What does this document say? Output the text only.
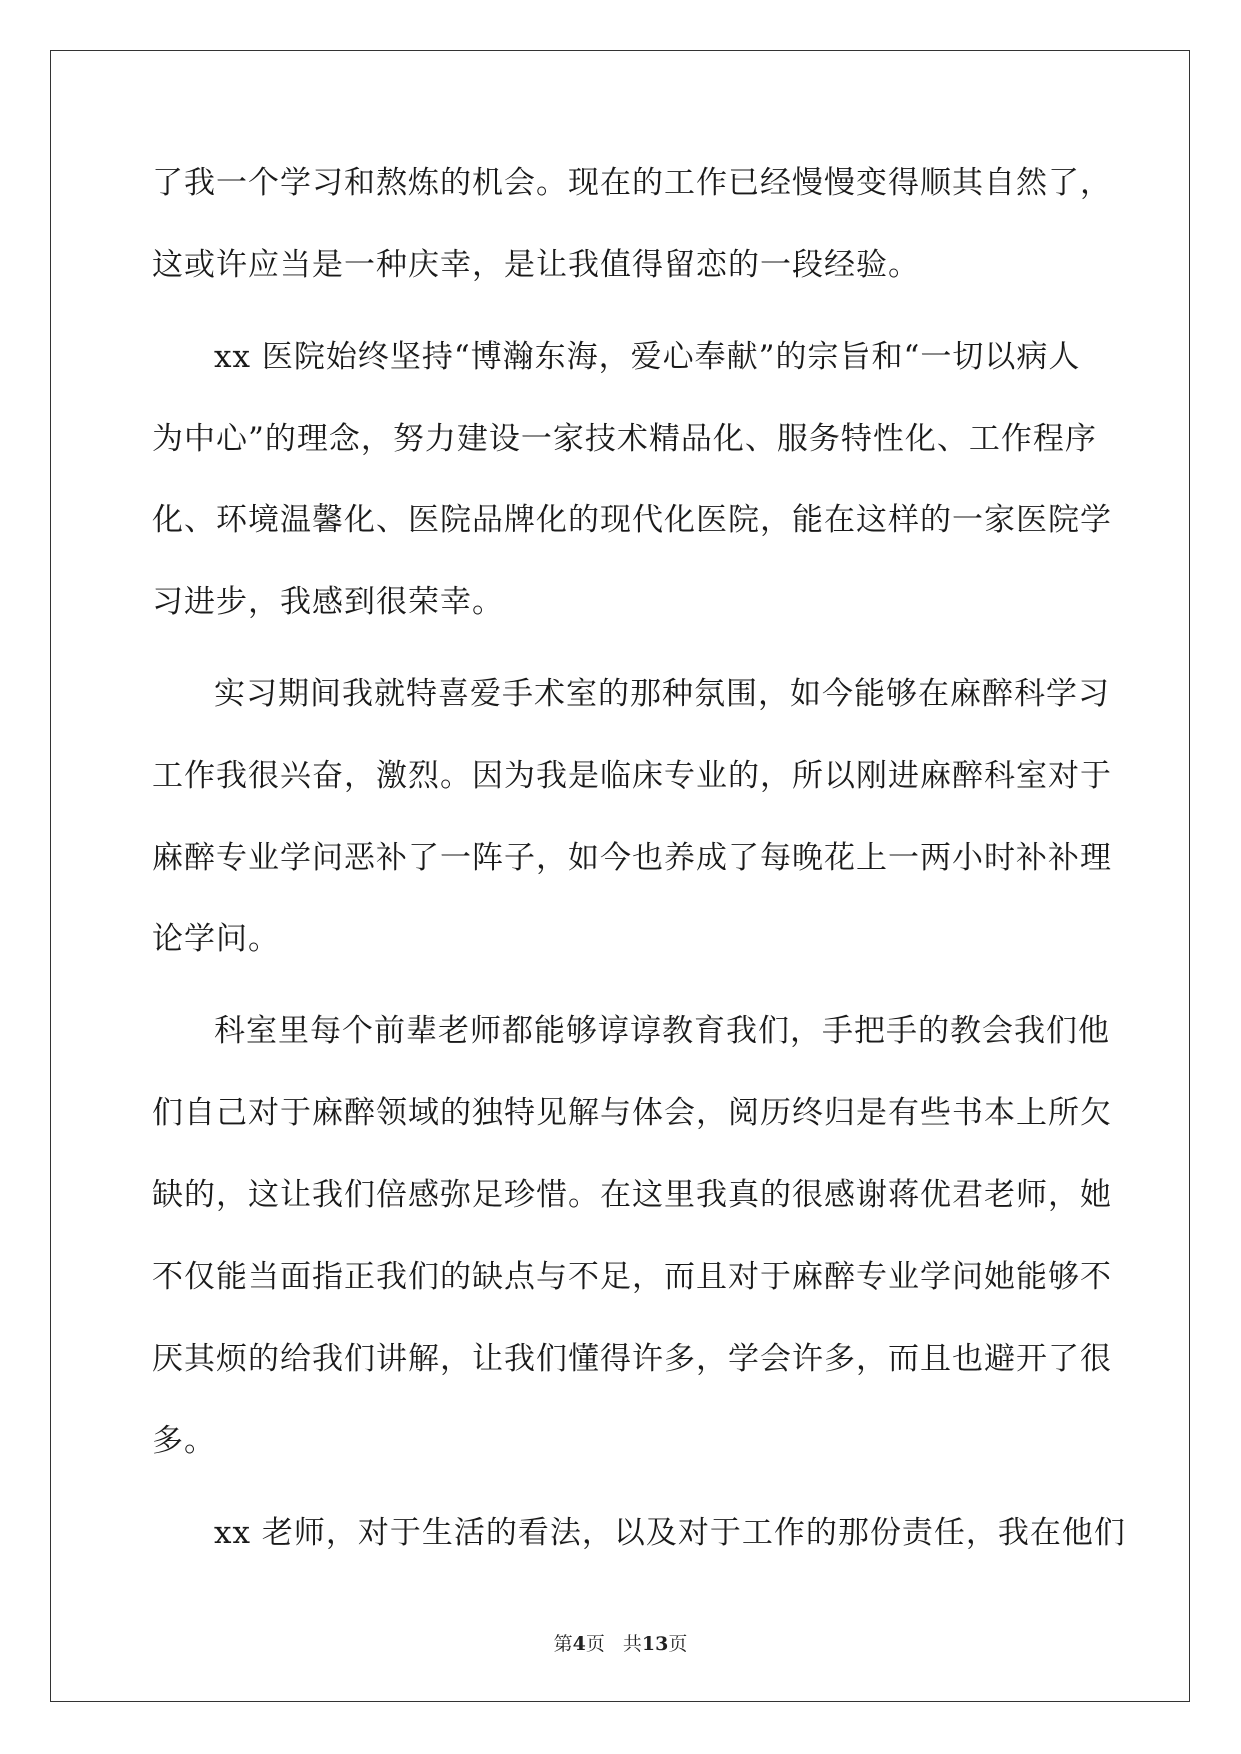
了我一个学习和熬炼的机会。现在的工作已经慢慢变得顺其自然了，
这或许应当是一种庆幸，是让我值得留恋的一段经验。
xx 医院始终坚持“博瀚东海，爱心奉献”的宗旨和“一切以病人
为中心”的理念，努力建设一家技术精品化、服务特性化、工作程序
化、环境温馨化、医院品牌化的现代化医院，能在这样的一家医院学
习进步，我感到很荣幸。
实习期间我就特喜爱手术室的那种氛围，如今能够在麻醉科学习
工作我很兴奋，激烈。因为我是临床专业的，所以刚进麻醉科室对于
麻醉专业学问恶补了一阵子，如今也养成了每晚花上一两小时补补理
论学问。
科室里每个前辈老师都能够谆谆教育我们，手把手的教会我们他
们自己对于麻醉领域的独特见解与体会，阅历终归是有些书本上所欠
缺的，这让我们倍感弥足珍惜。在这里我真的很感谢蒋优君老师，她
不仅能当面指正我们的缺点与不足，而且对于麻醉专业学问她能够不
厌其烦的给我们讲解，让我们懂得许多，学会许多，而且也避开了很
多。
xx 老师，对于生活的看法，以及对于工作的那份责任，我在他们
第4页 共13页
